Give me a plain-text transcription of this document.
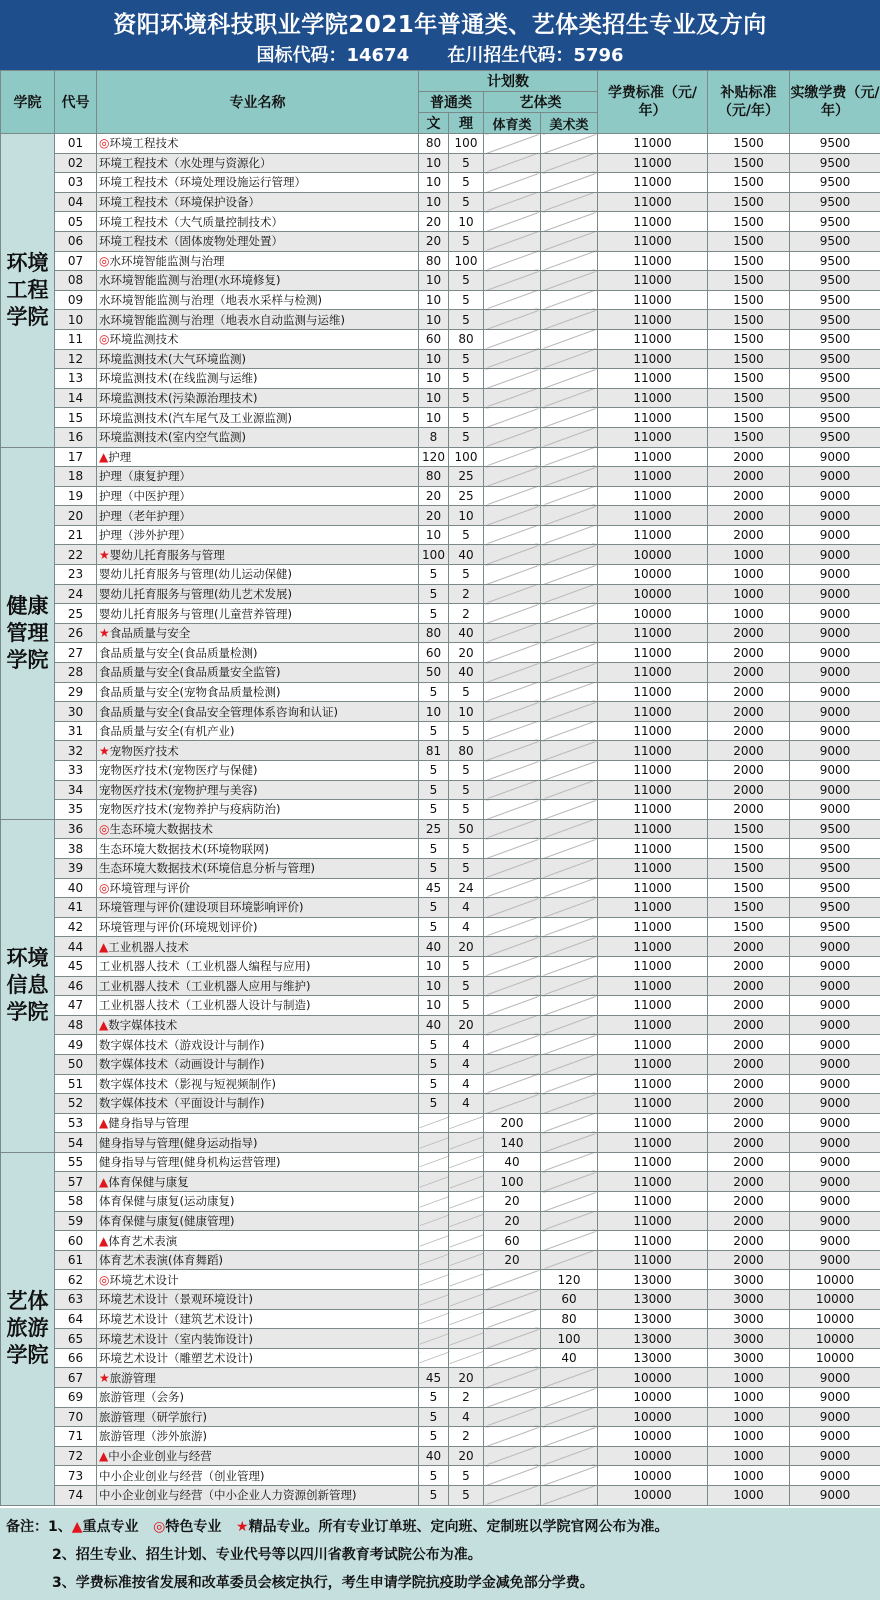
资阳环境科技职业学院2021年普通类、艺体类招生专业及方向
国标代码：14674 在川招生代码：5796
学院	代号	专业名称	计划数				学费标准（元/年）	补贴标准（元/年）	实缴学费（元/年）
			普通类		艺体类				
			文	理	体育类	美术类			
环境工程学院	01	◎环境工程技术	80	100			11000	1500	9500
	02	环境工程技术（水处理与资源化）	10	5			11000	1500	9500
	03	环境工程技术（环境处理设施运行管理）	10	5			11000	1500	9500
	04	环境工程技术（环境保护设备）	10	5			11000	1500	9500
	05	环境工程技术（大气质量控制技术）	20	10			11000	1500	9500
	06	环境工程技术（固体废物处理处置）	20	5			11000	1500	9500
	07	◎水环境智能监测与治理	80	100			11000	1500	9500
	08	水环境智能监测与治理(水环境修复)	10	5			11000	1500	9500
	09	水环境智能监测与治理（地表水采样与检测)	10	5			11000	1500	9500
	10	水环境智能监测与治理（地表水自动监测与运维)	10	5			11000	1500	9500
	11	◎环境监测技术	60	80			11000	1500	9500
	12	环境监测技术(大气环境监测)	10	5			11000	1500	9500
	13	环境监测技术(在线监测与运维)	10	5			11000	1500	9500
	14	环境监测技术(污染源治理技术)	10	5			11000	1500	9500
	15	环境监测技术(汽车尾气及工业源监测)	10	5			11000	1500	9500
	16	环境监测技术(室内空气监测)	8	5			11000	1500	9500
健康管理学院	17	▲护理	120	100			11000	2000	9000
	18	护理（康复护理）	80	25			11000	2000	9000
	19	护理（中医护理）	20	25			11000	2000	9000
	20	护理（老年护理）	20	10			11000	2000	9000
	21	护理（涉外护理）	10	5			11000	2000	9000
	22	★婴幼儿托育服务与管理	100	40			10000	1000	9000
	23	婴幼儿托育服务与管理(幼儿运动保健)	5	5			10000	1000	9000
	24	婴幼儿托育服务与管理(幼儿艺术发展)	5	2			10000	1000	9000
	25	婴幼儿托育服务与管理(儿童营养管理)	5	2			10000	1000	9000
	26	★食品质量与安全	80	40			11000	2000	9000
	27	食品质量与安全(食品质量检测)	60	20			11000	2000	9000
	28	食品质量与安全(食品质量安全监管)	50	40			11000	2000	9000
	29	食品质量与安全(宠物食品质量检测)	5	5			11000	2000	9000
	30	食品质量与安全(食品安全管理体系咨询和认证)	10	10			11000	2000	9000
	31	食品质量与安全(有机产业)	5	5			11000	2000	9000
	32	★宠物医疗技术	81	80			11000	2000	9000
	33	宠物医疗技术(宠物医疗与保健)	5	5			11000	2000	9000
	34	宠物医疗技术(宠物护理与美容)	5	5			11000	2000	9000
	35	宠物医疗技术(宠物养护与疫病防治)	5	5			11000	2000	9000
环境信息学院	36	◎生态环境大数据技术	25	50			11000	1500	9500
	38	生态环境大数据技术(环境物联网)	5	5			11000	1500	9500
	39	生态环境大数据技术(环境信息分析与管理)	5	5			11000	1500	9500
	40	◎环境管理与评价	45	24			11000	1500	9500
	41	环境管理与评价(建设项目环境影响评价)	5	4			11000	1500	9500
	42	环境管理与评价(环境规划评价)	5	4			11000	1500	9500
	44	▲工业机器人技术	40	20			11000	2000	9000
	45	工业机器人技术（工业机器人编程与应用)	10	5			11000	2000	9000
	46	工业机器人技术（工业机器人应用与维护)	10	5			11000	2000	9000
	47	工业机器人技术（工业机器人设计与制造)	10	5			11000	2000	9000
	48	▲数字媒体技术	40	20			11000	2000	9000
	49	数字媒体技术（游戏设计与制作)	5	4			11000	2000	9000
	50	数字媒体技术（动画设计与制作)	5	4			11000	2000	9000
	51	数字媒体技术（影视与短视频制作)	5	4			11000	2000	9000
	52	数字媒体技术（平面设计与制作)	5	4			11000	2000	9000
	53	▲健身指导与管理			200		11000	2000	9000
	54	健身指导与管理(健身运动指导)			140		11000	2000	9000
艺体旅游学院	55	健身指导与管理(健身机构运营管理)			40		11000	2000	9000
	57	▲体育保健与康复			100		11000	2000	9000
	58	体育保健与康复(运动康复)			20		11000	2000	9000
	59	体育保健与康复(健康管理)			20		11000	2000	9000
	60	▲体育艺术表演			60		11000	2000	9000
	61	体育艺术表演(体育舞蹈)			20		11000	2000	9000
	62	◎环境艺术设计				120	13000	3000	10000
	63	环境艺术设计（景观环境设计)				60	13000	3000	10000
	64	环境艺术设计（建筑艺术设计)				80	13000	3000	10000
	65	环境艺术设计（室内装饰设计)				100	13000	3000	10000
	66	环境艺术设计（雕塑艺术设计)				40	13000	3000	10000
	67	★旅游管理	45	20			10000	1000	9000
	69	旅游管理（会务)	5	2			10000	1000	9000
	70	旅游管理（研学旅行)	5	4			10000	1000	9000
	71	旅游管理（涉外旅游)	5	2			10000	1000	9000
	72	▲中小企业创业与经营	40	20			10000	1000	9000
	73	中小企业创业与经营（创业管理)	5	5			10000	1000	9000
	74	中小企业创业与经营（中小企业人力资源创新管理)	5	5			10000	1000	9000
备注：1、▲重点专业 ◎特色专业 ★精品专业。所有专业订单班、定向班、定制班以学院官网公布为准。
2、招生专业、招生计划、专业代号等以四川省教育考试院公布为准。
3、学费标准按省发展和改革委员会核定执行，考生申请学院抗疫助学金减免部分学费。
